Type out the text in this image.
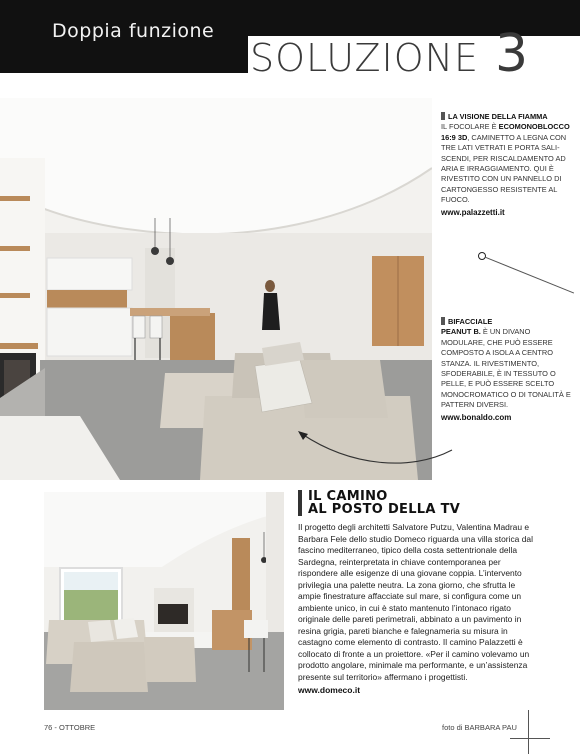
Doppia funzione
SOLUZIONE 3
LA VISIONE DELLA FIAMMA
IL FOCOLARE È ECOMONOBLOCCO 16:9 3D, CAMINETTO A LEGNA CON TRE LATI VETRATI E PORTA SALI-SCENDI, PER RISCALDAMENTO AD ARIA E IRRAGGIAMENTO. QUI È RIVESTITO CON UN PANNELLO DI CARTONGESSO RESISTENTE AL FUOCO.
www.palazzetti.it
BIFACCIALE
PEANUT B. È UN DIVANO MODULARE, CHE PUÒ ESSERE COMPOSTO A ISOLA A CENTRO STANZA. IL RIVESTIMENTO, SFODERABILE, È IN TESSUTO O PELLE, E PUÒ ESSERE SCELTO MONOCROMATICO O DI TONALITÀ E PATTERN DIVERSI.
www.bonaldo.com
IL CAMINO
AL POSTO DELLA TV
Il progetto degli architetti Salvatore Putzu, Valentina Madrau e Barbara Fele dello studio Domeco riguarda una villa storica dal fascino mediterraneo, tipico della costa settentrionale della Sardegna, reinterpretata in chiave contemporanea per rispondere alle esigenze di una giovane coppia. L’intervento privilegia una palette neutra. La zona giorno, che sfrutta le ampie finestrature affacciate sul mare, si configura come un ambiente unico, in cui è stato mantenuto l’intonaco rigato originale delle pareti perimetrali, abbinato a un pavimento in resina grigia, pareti bianche e falegnameria su misura in castagno come elemento di contrasto. Il camino Palazzetti è collocato di fronte a un proiettore. «Per il camino volevamo un prodotto angolare, minimale ma performante, e un’assistenza presente sul territorio» affermano i progettisti.
www.domeco.it
76 - OTTOBRE	foto di BARBARA PAU
